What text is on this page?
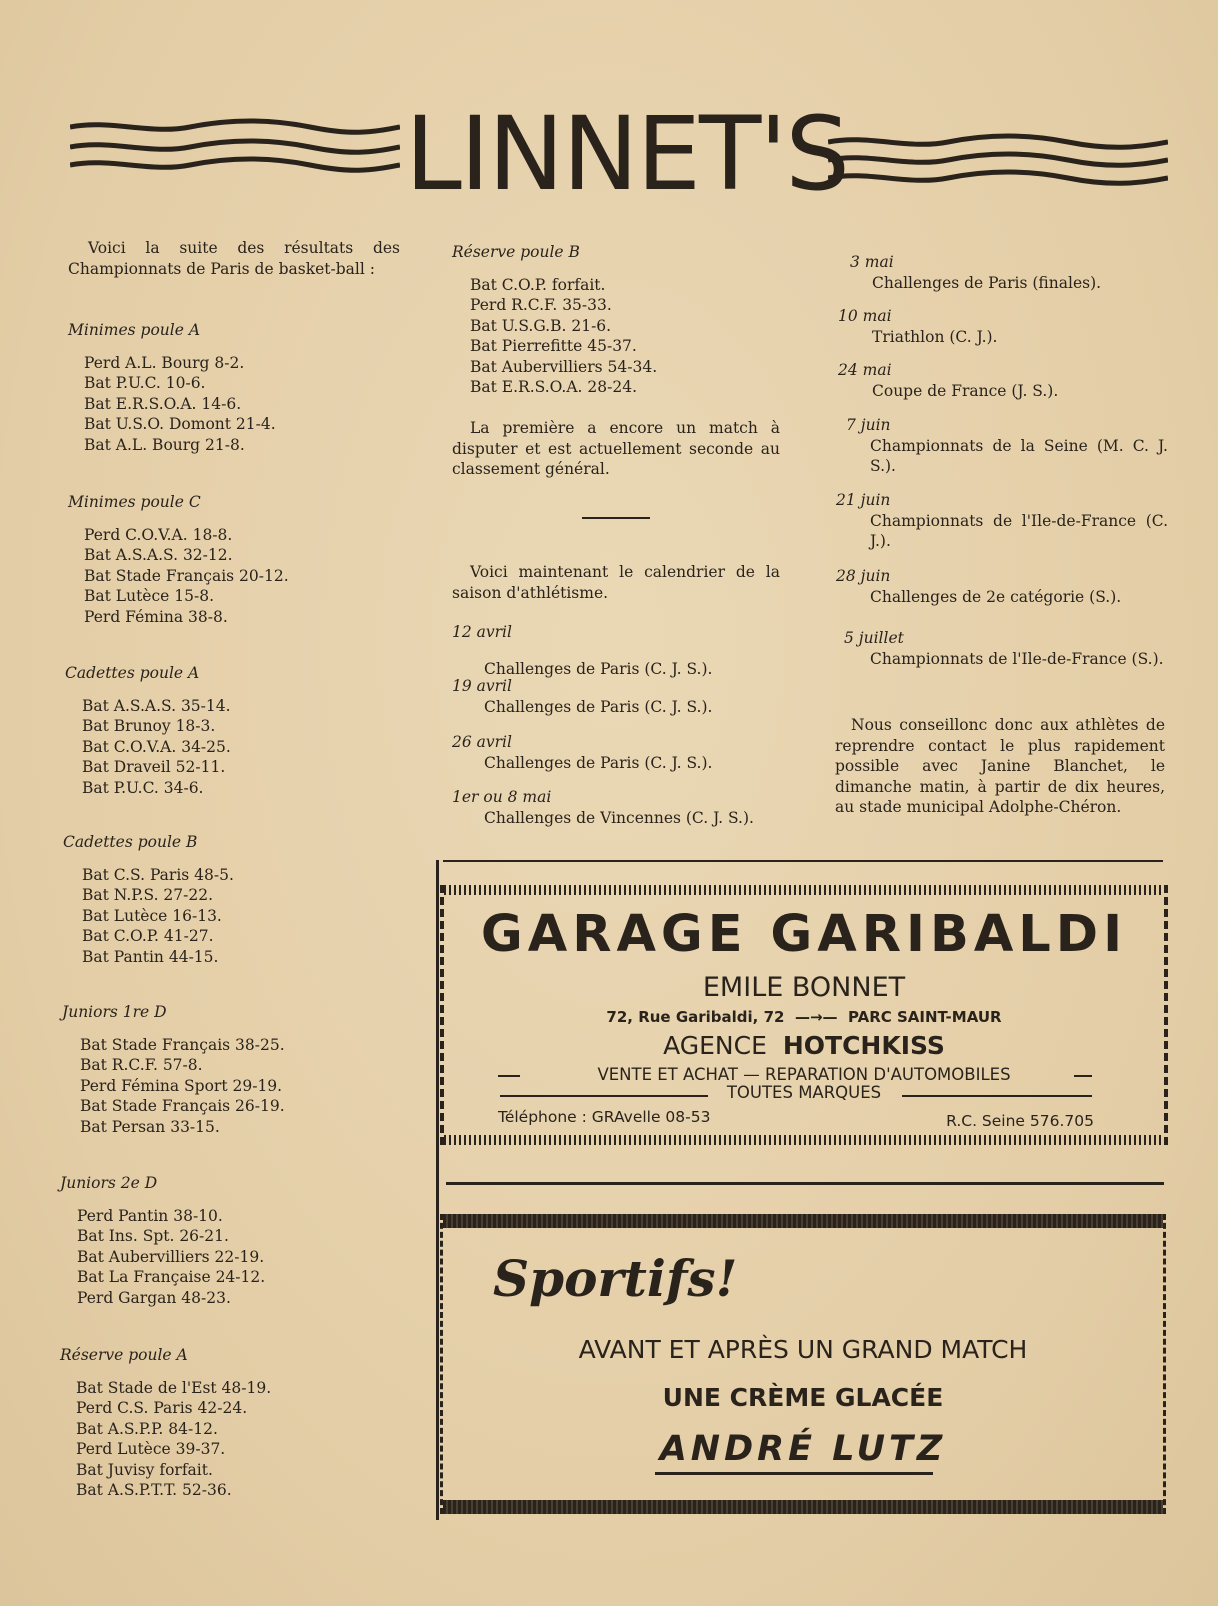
LINNET'S
Voici la suite des résultats des Championnats de Paris de basket-ball :

Minimes poule A

Perd A.L. Bourg 8-2.
Bat P.U.C. 10-6.
Bat E.R.S.O.A. 14-6.
Bat U.S.O. Domont 21-4.
Bat A.L. Bourg 21-8.

Minimes poule C

Perd C.O.V.A. 18-8.
Bat A.S.A.S. 32-12.
Bat Stade Français 20-12.
Bat Lutèce 15-8.
Perd Fémina 38-8.

Cadettes poule A

Bat A.S.A.S. 35-14.
Bat Brunoy 18-3.
Bat C.O.V.A. 34-25.
Bat Draveil 52-11.
Bat P.U.C. 34-6.

Cadettes poule B

Bat C.S. Paris 48-5.
Bat N.P.S. 27-22.
Bat Lutèce 16-13.
Bat C.O.P. 41-27.
Bat Pantin 44-15.

Juniors 1re D

Bat Stade Français 38-25.
Bat R.C.F. 57-8.
Perd Fémina Sport 29-19.
Bat Stade Français 26-19.
Bat Persan 33-15.

Juniors 2e D

Perd Pantin 38-10.
Bat Ins. Spt. 26-21.
Bat Aubervilliers 22-19.
Bat La Française 24-12.
Perd Gargan 48-23.

Réserve poule A

Bat Stade de l'Est 48-19.
Perd C.S. Paris 42-24.
Bat A.S.P.P. 84-12.
Perd Lutèce 39-37.
Bat Juvisy forfait.
Bat A.S.P.T.T. 52-36.

Réserve poule B

Bat C.O.P. forfait.
Perd R.C.F. 35-33.
Bat U.S.G.B. 21-6.
Bat Pierrefitte 45-37.
Bat Aubervilliers 54-34.
Bat E.R.S.O.A. 28-24.
La première a encore un match à disputer et est actuellement seconde au classement général.
Voici maintenant le calendrier de la saison d'athlétisme.
12 avril
Challenges de Paris (C. J. S.).
19 avril
Challenges de Paris (C. J. S.).
26 avril
Challenges de Paris (C. J. S.).
1er ou 8 mai
Challenges de Vincennes (C. J. S.).
3 mai
Challenges de Paris (finales).
10 mai
Triathlon (C. J.).
24 mai
Coupe de France (J. S.).
7 juin
Championnats de la Seine (M. C. J. S.).
21 juin
Championnats de l'Ile-de-France (C. J.).
28 juin
Challenges de 2e catégorie (S.).
5 juillet
Championnats de l'Ile-de-France (S.).
Nous conseillonc donc aux athlètes de reprendre contact le plus rapidement possible avec Janine Blanchet, le dimanche matin, à partir de dix heures, au stade municipal Adolphe-Chéron.
GARAGE GARIBALDI
EMILE BONNET
72, Rue Garibaldi, 72  —→—  PARC SAINT-MAUR
AGENCE HOTCHKISS
VENTE ET ACHAT — REPARATION D'AUTOMOBILES
TOUTES MARQUES
Téléphone : GRAvelle 08-53	R.C. Seine 576.705
Sportifs!
AVANT ET APRÈS UN GRAND MATCH
UNE CRÈME GLACÉE
ANDRÉ LUTZ
